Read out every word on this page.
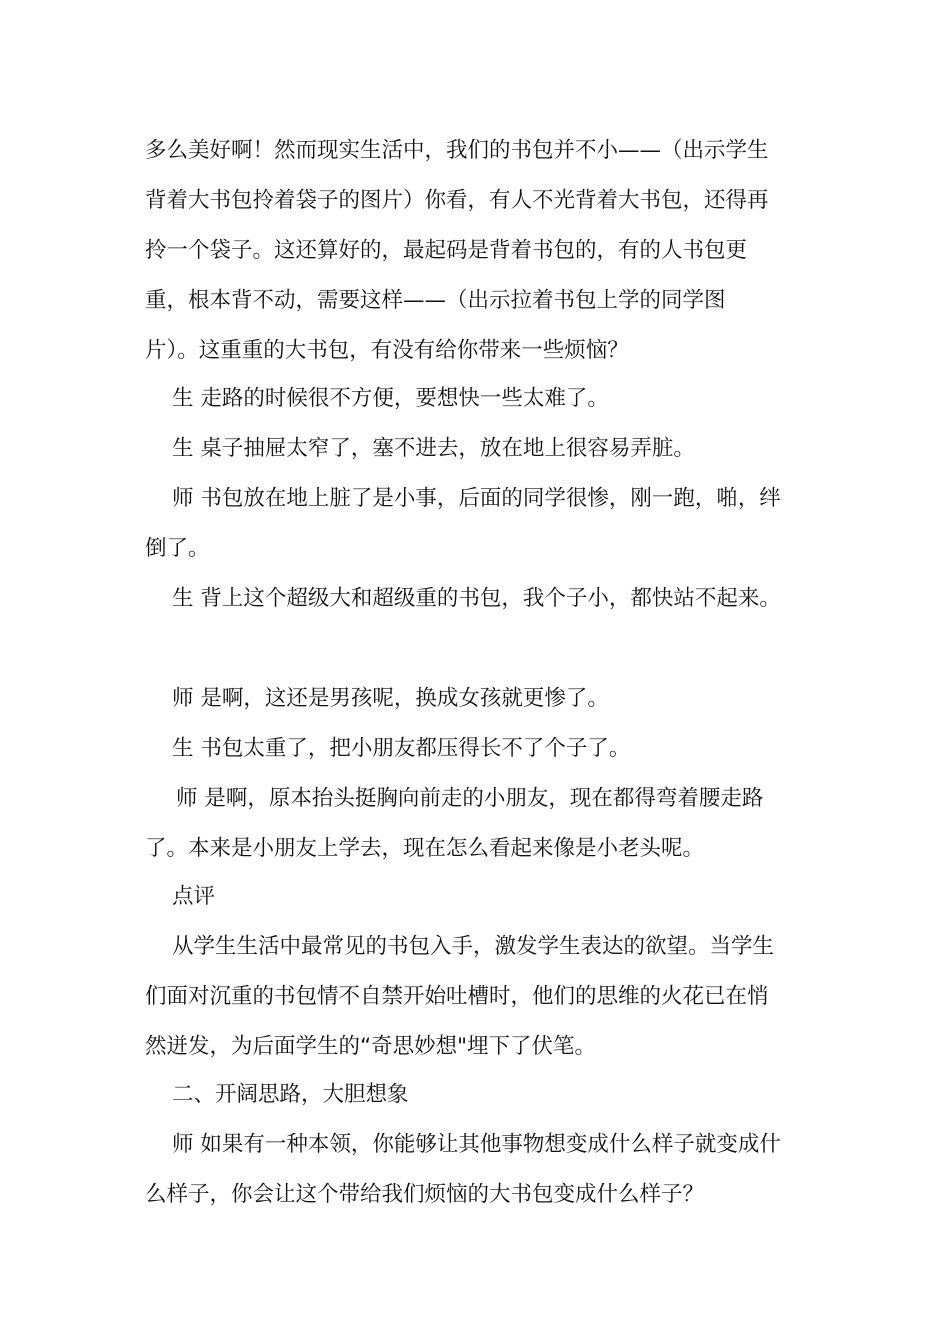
多么美好啊！然而现实生活中，我们的书包并不小——（出示学生
背着大书包拎着袋子的图片）你看，有人不光背着大书包，还得再
拎一个袋子。这还算好的，最起码是背着书包的，有的人书包更
重，根本背不动，需要这样——（出示拉着书包上学的同学图
片）。这重重的大书包，有没有给你带来一些烦恼？
生 走路的时候很不方便，要想快一些太难了。
生 桌子抽屉太窄了，塞不进去，放在地上很容易弄脏。
师 书包放在地上脏了是小事，后面的同学很惨，刚一跑，啪，绊
倒了。
生 背上这个超级大和超级重的书包，我个子小，都快站不起来。
师 是啊，这还是男孩呢，换成女孩就更惨了。
生 书包太重了，把小朋友都压得长不了个子了。
师 是啊，原本抬头挺胸向前走的小朋友，现在都得弯着腰走路
了。本来是小朋友上学去，现在怎么看起来像是小老头呢。
点评
从学生生活中最常见的书包入手，激发学生表达的欲望。当学生
们面对沉重的书包情不自禁开始吐槽时，他们的思维的火花已在悄
然迸发，为后面学生的“奇思妙想"埋下了伏笔。
二、开阔思路，大胆想象
师 如果有一种本领，你能够让其他事物想变成什么样子就变成什
么样子，你会让这个带给我们烦恼的大书包变成什么样子？
